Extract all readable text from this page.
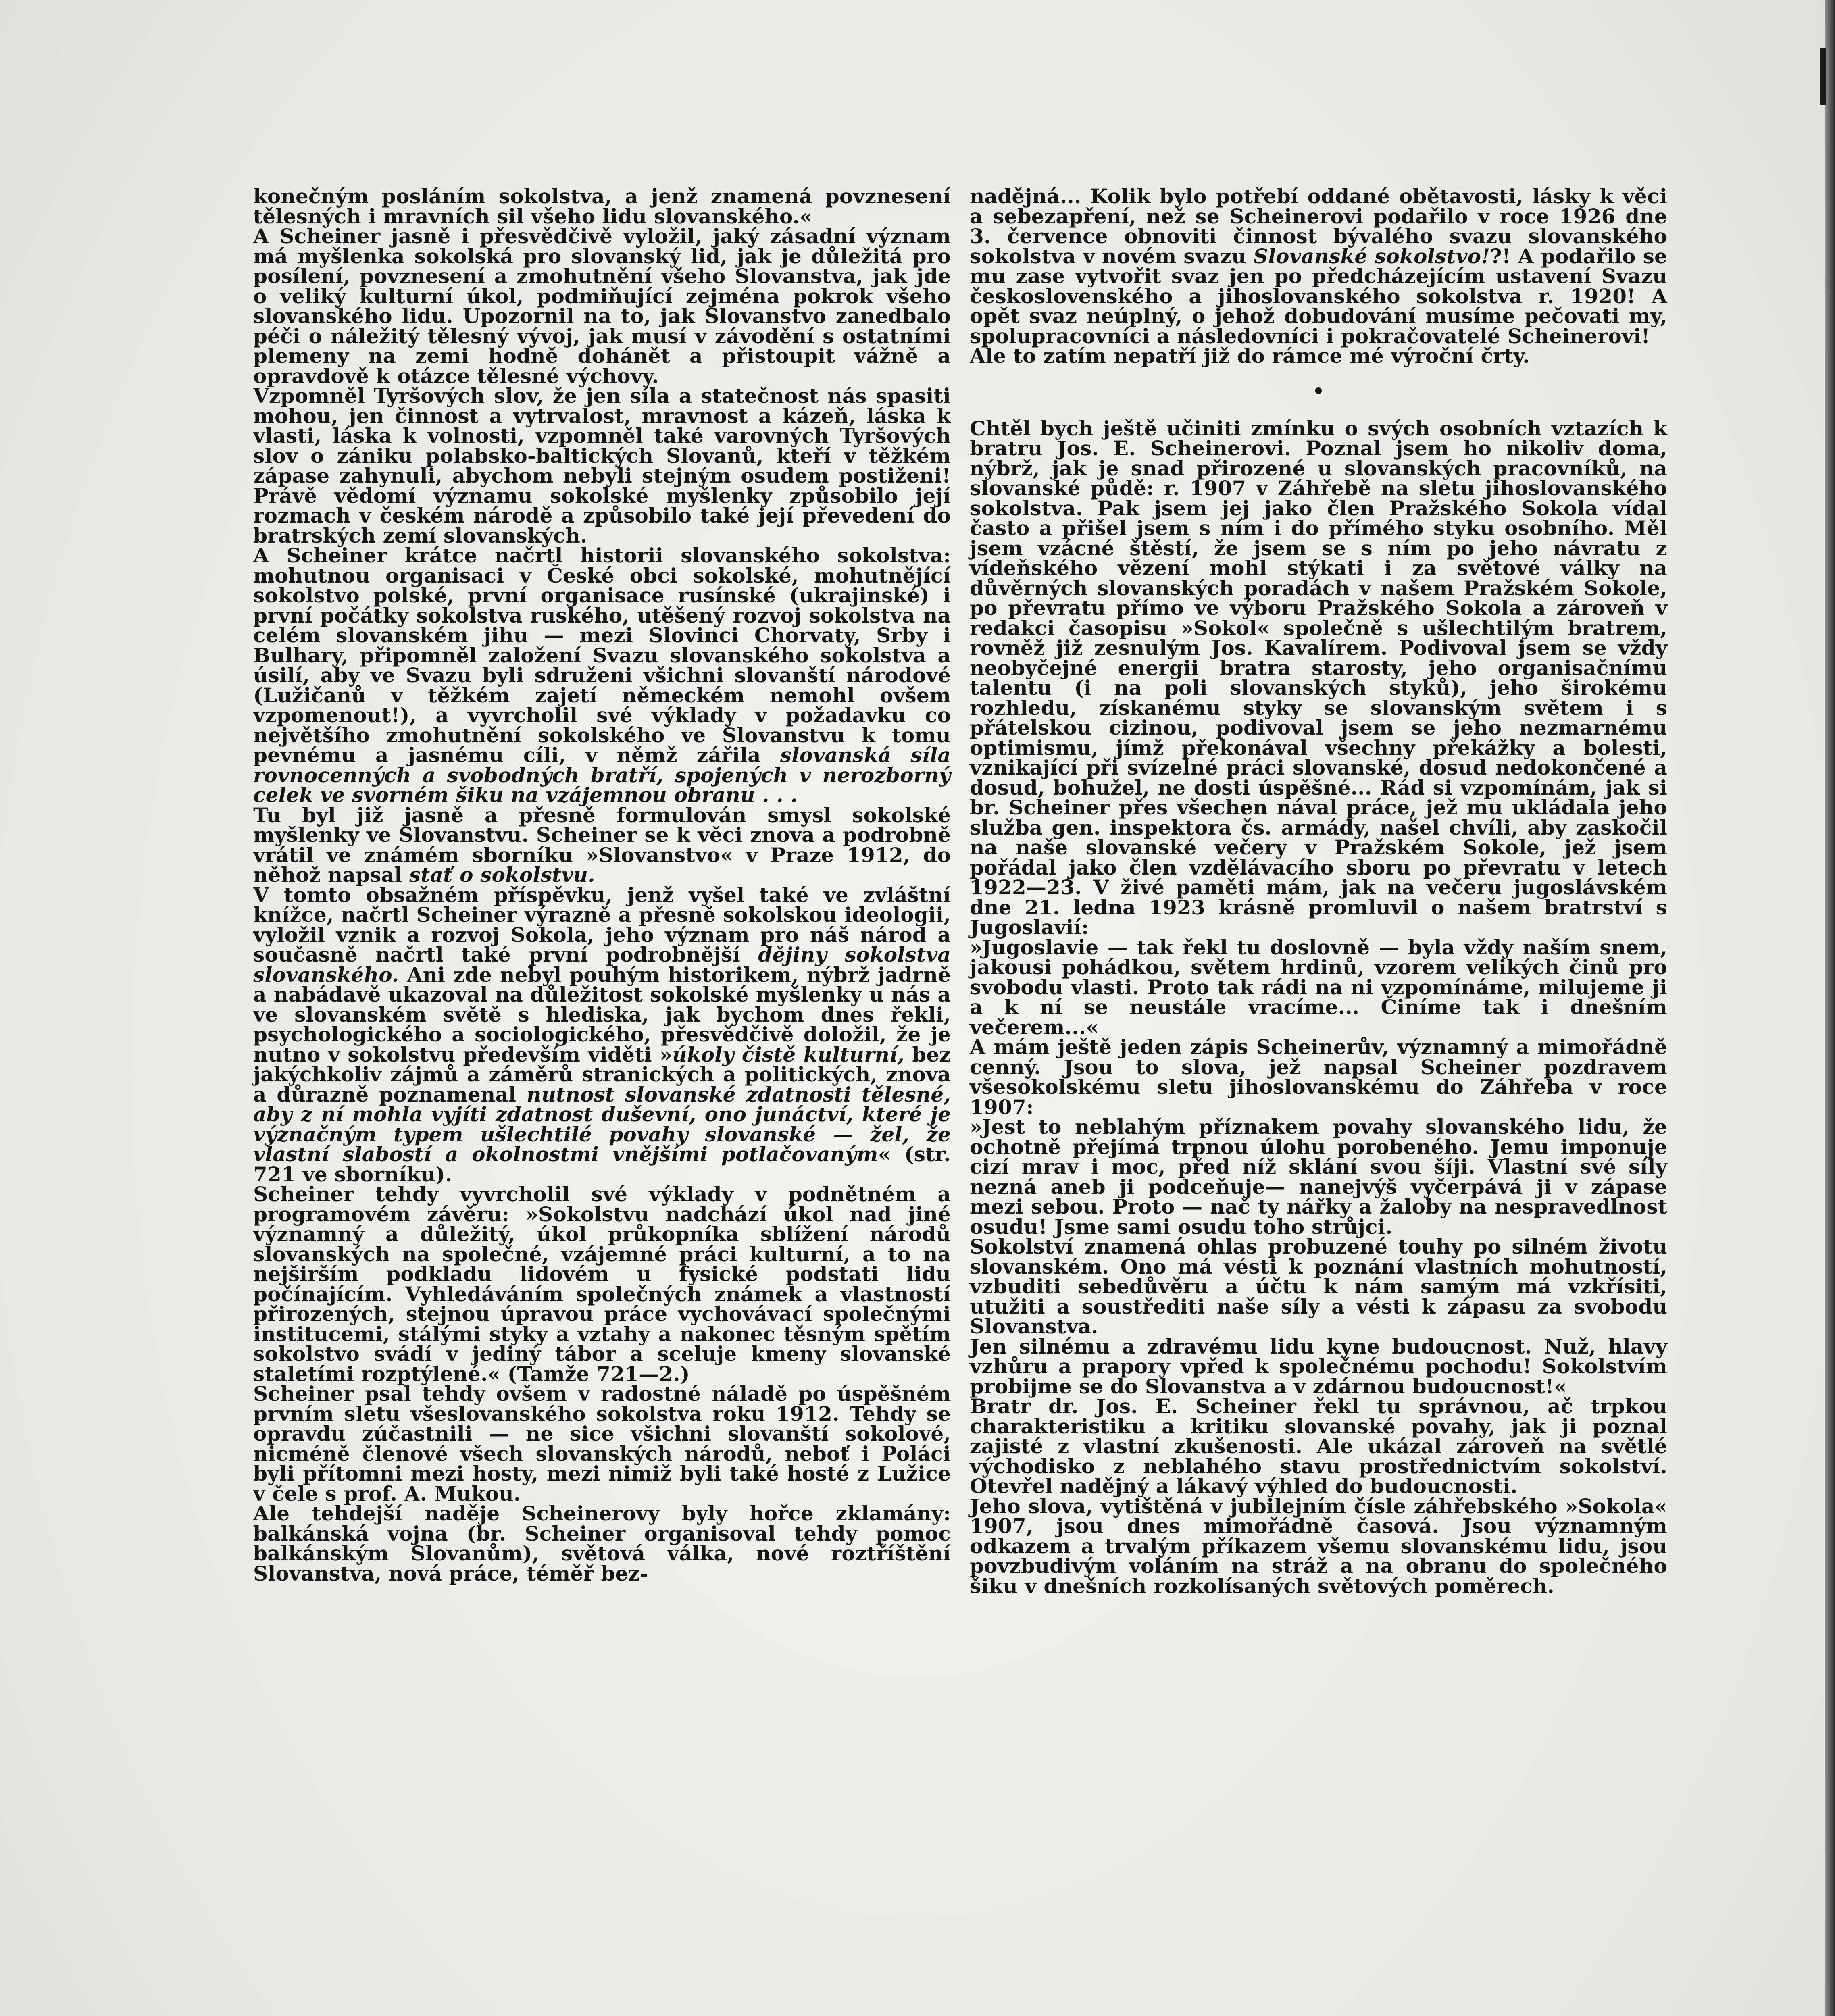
konečným posláním sokolstva, a jenž znamená povznesení tělesných i mravních sil všeho lidu slovanského.«

A Scheiner jasně i přesvědčivě vyložil, jaký zásadní význam má myšlenka sokolská pro slovanský lid, jak je důležitá pro posílení, povznesení a zmohutnění všeho Slovanstva, jak jde o veliký kulturní úkol, podmiňující zejména pokrok všeho slovanského lidu. Upozornil na to, jak Slovanstvo zanedbalo péči o náležitý tělesný vývoj, jak musí v závodění s ostatními plemeny na zemi hodně dohánět a přistoupit vážně a opravdově k otázce tělesné výchovy.

Vzpomněl Tyršových slov, že jen síla a statečnost nás spasiti mohou, jen činnost a vytrvalost, mravnost a kázeň, láska k vlasti, láska k volnosti, vzpomněl také varovných Tyršových slov o zániku polabsko-baltických Slovanů, kteří v těžkém zápase zahynuli, abychom nebyli stejným osudem postiženi! Právě vědomí významu sokolské myšlenky způsobilo její rozmach v českém národě a způsobilo také její převedení do bratrských zemí slovanských.

A Scheiner krátce načrtl historii slovanského sokolstva: mohutnou organisaci v České obci sokolské, mohutnějící sokolstvo polské, první organisace rusínské (ukrajinské) i první počátky sokolstva ruského, utěšený rozvoj sokolstva na celém slovanském jihu — mezi Slovinci Chorvaty, Srby i Bulhary, připomněl založení Svazu slovanského sokolstva a úsilí, aby ve Svazu byli sdruženi všichni slovanští národové (Lužičanů v těžkém zajetí německém nemohl ovšem vzpomenout!), a vyvrcholil své výklady v požadavku co největšího zmohutnění sokolského ve Slovanstvu k tomu pevnému a jasnému cíli, v němž zářila slovanská síla rovnocenných a svobodných bratří, spojených v nerozborný celek ve svorném šiku na vzájemnou obranu . . .

Tu byl již jasně a přesně formulován smysl sokolské myšlenky ve Slovanstvu. Scheiner se k věci znova a podrobně vrátil ve známém sborníku »Slovanstvo« v Praze 1912, do něhož napsal stať o sokolstvu.

V tomto obsažném příspěvku, jenž vyšel také ve zvláštní knížce, načrtl Scheiner výrazně a přesně sokolskou ideologii, vyložil vznik a rozvoj Sokola, jeho význam pro náš národ a současně načrtl také první podrobnější dějiny sokolstva slovanského. Ani zde nebyl pouhým historikem, nýbrž jadrně a nabádavě ukazoval na důležitost sokolské myšlenky u nás a ve slovanském světě s hlediska, jak bychom dnes řekli, psychologického a sociologického, přesvědčivě doložil, že je nutno v sokolstvu především viděti »úkoly čistě kulturní, bez jakýchkoliv zájmů a záměrů stranických a politických, znova a důrazně poznamenal nutnost slovanské zdatnosti tělesné, aby z ní mohla vyjíti zdatnost duševní, ono junáctví, které je význačným typem ušlechtilé povahy slovanské — žel, že vlastní slabostí a okolnostmi vnějšími potlačovaným« (str. 721 ve sborníku).

Scheiner tehdy vyvrcholil své výklady v podnětném a programovém závěru: »Sokolstvu nadchází úkol nad jiné významný a důležitý, úkol průkopníka sblížení národů slovanských na společné, vzájemné práci kulturní, a to na nejširším podkladu lidovém u fysické podstati lidu počínajícím. Vyhledáváním společných známek a vlastností přirozených, stejnou úpravou práce vychovávací společnými institucemi, stálými styky a vztahy a nakonec těsným spětím sokolstvo svádí v jediný tábor a sceluje kmeny slovanské staletími rozptýlené.« (Tamže 721—2.)

Scheiner psal tehdy ovšem v radostné náladě po úspěšném prvním sletu všeslovanského sokolstva roku 1912. Tehdy se opravdu zúčastnili — ne sice všichni slovanští sokolové, nicméně členové všech slovanských národů, neboť i Poláci byli přítomni mezi hosty, mezi nimiž byli také hosté z Lužice v čele s prof. A. Mukou.

Ale tehdejší naděje Scheinerovy byly hořce zklamány: balkánská vojna (br. Scheiner organisoval tehdy pomoc balkánským Slovanům), světová válka, nové roztříštění Slovanstva, nová práce, téměř bez-

nadějná... Kolik bylo potřebí oddané obětavosti, lásky k věci a sebezapření, než se Scheinerovi podařilo v roce 1926 dne 3. července obnoviti činnost bývalého svazu slovanského sokolstva v novém svazu Slovanské sokolstvo!?! A podařilo se mu zase vytvořit svaz jen po předcházejícím ustavení Svazu československého a jihoslovanského sokolstva r. 1920! A opět svaz neúplný, o jehož dobudování musíme pečovati my, spolupracovníci a následovníci i pokračovatelé Scheinerovi!

Ale to zatím nepatří již do rámce mé výroční črty.

•

Chtěl bych ještě učiniti zmínku o svých osobních vztazích k bratru Jos. E. Scheinerovi. Poznal jsem ho nikoliv doma, nýbrž, jak je snad přirozené u slovanských pracovníků, na slovanské půdě: r. 1907 v Záhřebě na sletu jihoslovanského sokolstva. Pak jsem jej jako člen Pražského Sokola vídal často a přišel jsem s ním i do přímého styku osobního. Měl jsem vzácné štěstí, že jsem se s ním po jeho návratu z vídeňského vězení mohl stýkati i za světové války na důvěrných slovanských poradách v našem Pražském Sokole, po převratu přímo ve výboru Pražského Sokola a zároveň v redakci časopisu »Sokol« společně s ušlechtilým bratrem, rovněž již zesnulým Jos. Kavalírem. Podivoval jsem se vždy neobyčejné energii bratra starosty, jeho organisačnímu talentu (i na poli slovanských styků), jeho širokému rozhledu, získanému styky se slovanským světem i s přátelskou cizinou, podivoval jsem se jeho nezmarnému optimismu, jímž překonával všechny překážky a bolesti, vznikající při svízelné práci slovanské, dosud nedokončené a dosud, bohužel, ne dosti úspěšné... Rád si vzpomínám, jak si br. Scheiner přes všechen nával práce, jež mu ukládala jeho služba gen. inspektora čs. armády, našel chvíli, aby zaskočil na naše slovanské večery v Pražském Sokole, jež jsem pořádal jako člen vzdělávacího sboru po převratu v letech 1922—23. V živé paměti mám, jak na večeru jugoslávském dne 21. ledna 1923 krásně promluvil o našem bratrství s Jugoslavií:

»Jugoslavie — tak řekl tu doslovně — byla vždy naším snem, jakousi pohádkou, světem hrdinů, vzorem velikých činů pro svobodu vlasti. Proto tak rádi na ni vzpomínáme, milujeme ji a k ní se neustále vracíme... Činíme tak i dnešním večerem...«

A mám ještě jeden zápis Scheinerův, významný a mimořádně cenný. Jsou to slova, jež napsal Scheiner pozdravem všesokolskému sletu jihoslovanskému do Záhřeba v roce 1907:

»Jest to neblahým příznakem povahy slovanského lidu, že ochotně přejímá trpnou úlohu porobeného. Jemu imponuje cizí mrav i moc, před níž sklání svou šíji. Vlastní své síly nezná aneb ji podceňuje— nanejvýš vyčerpává ji v zápase mezi sebou. Proto — nač ty nářky a žaloby na nespravedlnost osudu! Jsme sami osudu toho strůjci.

Sokolství znamená ohlas probuzené touhy po silném životu slovanském. Ono má vésti k poznání vlastních mohutností, vzbuditi sebedůvěru a účtu k nám samým má vzkřísiti, utužiti a soustřediti naše síly a vésti k zápasu za svobodu Slovanstva.

Jen silnému a zdravému lidu kyne budoucnost. Nuž, hlavy vzhůru a prapory vpřed k společnému pochodu! Sokolstvím probijme se do Slovanstva a v zdárnou budoucnost!«

Bratr dr. Jos. E. Scheiner řekl tu správnou, ač trpkou charakteristiku a kritiku slovanské povahy, jak ji poznal zajisté z vlastní zkušenosti. Ale ukázal zároveň na světlé východisko z neblahého stavu prostřednictvím sokolství. Otevřel nadějný a lákavý výhled do budoucnosti.

Jeho slova, vytištěná v jubilejním čísle záhřebského »Sokola« 1907, jsou dnes mimořádně časová. Jsou významným odkazem a trvalým příkazem všemu slovanskému lidu, jsou povzbudivým voláním na stráž a na obranu do společného šiku v dnešních rozkolísaných světových poměrech.
